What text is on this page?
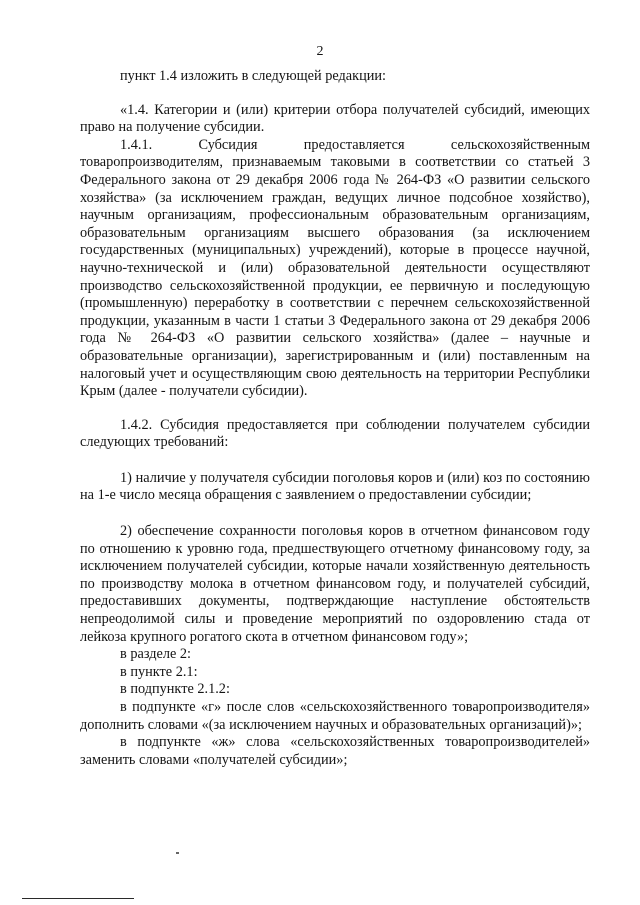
2

пункт 1.4 изложить в следующей редакции:

«1.4. Категории и (или) критерии отбора получателей субсидий, имеющих право на получение субсидии.

1.4.1. Субсидия предоставляется сельскохозяйственным товаропроизводителям, признаваемым таковыми в соответствии со статьей 3 Федерального закона от 29 декабря 2006 года № 264-ФЗ «О развитии сельского хозяйства» (за исключением граждан, ведущих личное подсобное хозяйство), научным организациям, профессиональным образовательным организациям, образовательным организациям высшего образования (за исключением государственных (муниципальных) учреждений), которые в процессе научной, научно-технической и (или) образовательной деятельности осуществляют производство сельскохозяйственной продукции, ее первичную и последующую (промышленную) переработку в соответствии с перечнем сельскохозяйственной продукции, указанным в части 1 статьи 3 Федерального закона от 29 декабря 2006 года № 264-ФЗ «О развитии сельского хозяйства» (далее – научные и образовательные организации), зарегистрированным и (или) поставленным на налоговый учет и осуществляющим свою деятельность на территории Республики Крым (далее - получатели субсидии).

1.4.2. Субсидия предоставляется при соблюдении получателем субсидии следующих требований:

1) наличие у получателя субсидии поголовья коров и (или) коз по состоянию на 1-е число месяца обращения с заявлением о предоставлении субсидии;

2) обеспечение сохранности поголовья коров в отчетном финансовом году по отношению к уровню года, предшествующего отчетному финансовому году, за исключением получателей субсидии, которые начали хозяйственную деятельность по производству молока в отчетном финансовом году, и получателей субсидий, предоставивших документы, подтверждающие наступление обстоятельств непреодолимой силы и проведение мероприятий по оздоровлению стада от лейкоза крупного рогатого скота в отчетном финансовом году»;

в разделе 2:

в пункте 2.1:

в подпункте 2.1.2:

в подпункте «г» после слов «сельскохозяйственного товаропроизводителя» дополнить словами «(за исключением научных и образовательных организаций)»;

в подпункте «ж» слова «сельскохозяйственных товаропроизводителей» заменить словами «получателей субсидии»;
